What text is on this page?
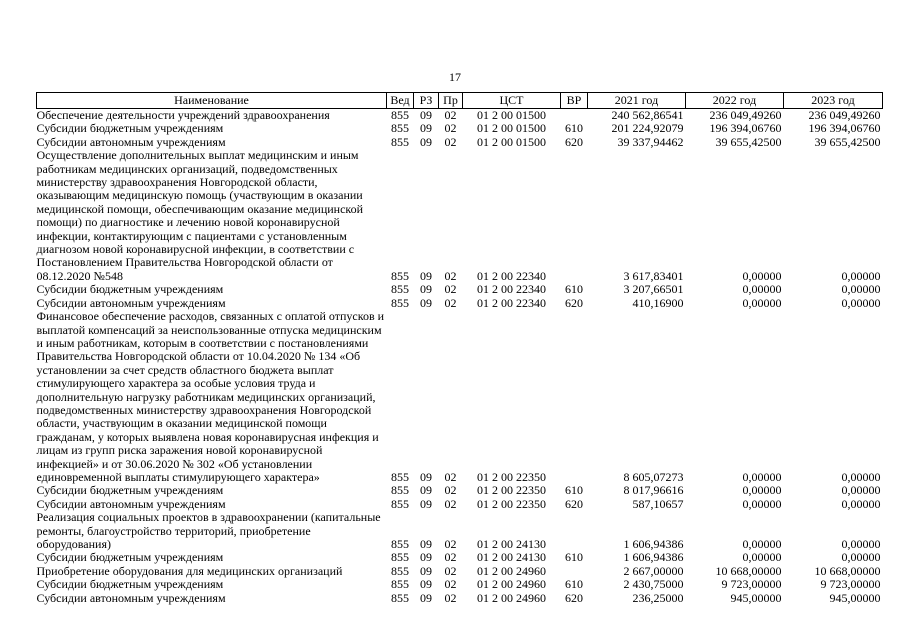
17
Наименование	Вед	РЗ	Пр	ЦСТ	ВР	2021 год	2022 год	2023 год
Обеспечение деятельности учреждений здравоохранения	855	09	02	01 2 00 01500		240 562,86541	236 049,49260	236 049,49260
Субсидии бюджетным учреждениям	855	09	02	01 2 00 01500	610	201 224,92079	196 394,06760	196 394,06760
Субсидии автономным учреждениям	855	09	02	01 2 00 01500	620	39 337,94462	39 655,42500	39 655,42500
Осуществление дополнительных выплат медицинским и иным работникам медицинских организаций, подведомственных министерству здравоохранения Новгородской области, оказывающим медицинскую помощь (участвующим в оказании медицинской помощи, обеспечивающим оказание медицинской помощи) по диагностике и лечению новой коронавирусной инфекции, контактирующим с пациентами с установленным диагнозом новой коронавирусной инфекции, в соответствии с Постановлением Правительства Новгородской области от 08.12.2020 №548	855	09	02	01 2 00 22340		3 617,83401	0,00000	0,00000
Субсидии бюджетным учреждениям	855	09	02	01 2 00 22340	610	3 207,66501	0,00000	0,00000
Субсидии автономным учреждениям	855	09	02	01 2 00 22340	620	410,16900	0,00000	0,00000
Финансовое обеспечение расходов, связанных с оплатой отпусков и выплатой компенсаций за неиспользованные отпуска медицинским и иным работникам, которым в соответствии с постановлениями Правительства Новгородской области от 10.04.2020 № 134 «Об установлении за счет средств областного бюджета выплат стимулирующего характера за особые условия труда и дополнительную нагрузку работникам медицинских организаций, подведомственных министерству здравоохранения Новгородской области, участвующим в оказании медицинской помощи гражданам, у которых выявлена новая коронавирусная инфекция и лицам из групп риска заражения новой коронавирусной инфекцией» и от 30.06.2020 № 302 «Об установлении единовременной выплаты стимулирующего характера»	855	09	02	01 2 00 22350		8 605,07273	0,00000	0,00000
Субсидии бюджетным учреждениям	855	09	02	01 2 00 22350	610	8 017,96616	0,00000	0,00000
Субсидии автономным учреждениям	855	09	02	01 2 00 22350	620	587,10657	0,00000	0,00000
Реализация социальных проектов в здравоохранении (капитальные ремонты, благоустройство территорий, приобретение оборудования)	855	09	02	01 2 00 24130		1 606,94386	0,00000	0,00000
Субсидии бюджетным учреждениям	855	09	02	01 2 00 24130	610	1 606,94386	0,00000	0,00000
Приобретение оборудования для медицинских организаций	855	09	02	01 2 00 24960		2 667,00000	10 668,00000	10 668,00000
Субсидии бюджетным учреждениям	855	09	02	01 2 00 24960	610	2 430,75000	9 723,00000	9 723,00000
Субсидии автономным учреждениям	855	09	02	01 2 00 24960	620	236,25000	945,00000	945,00000
